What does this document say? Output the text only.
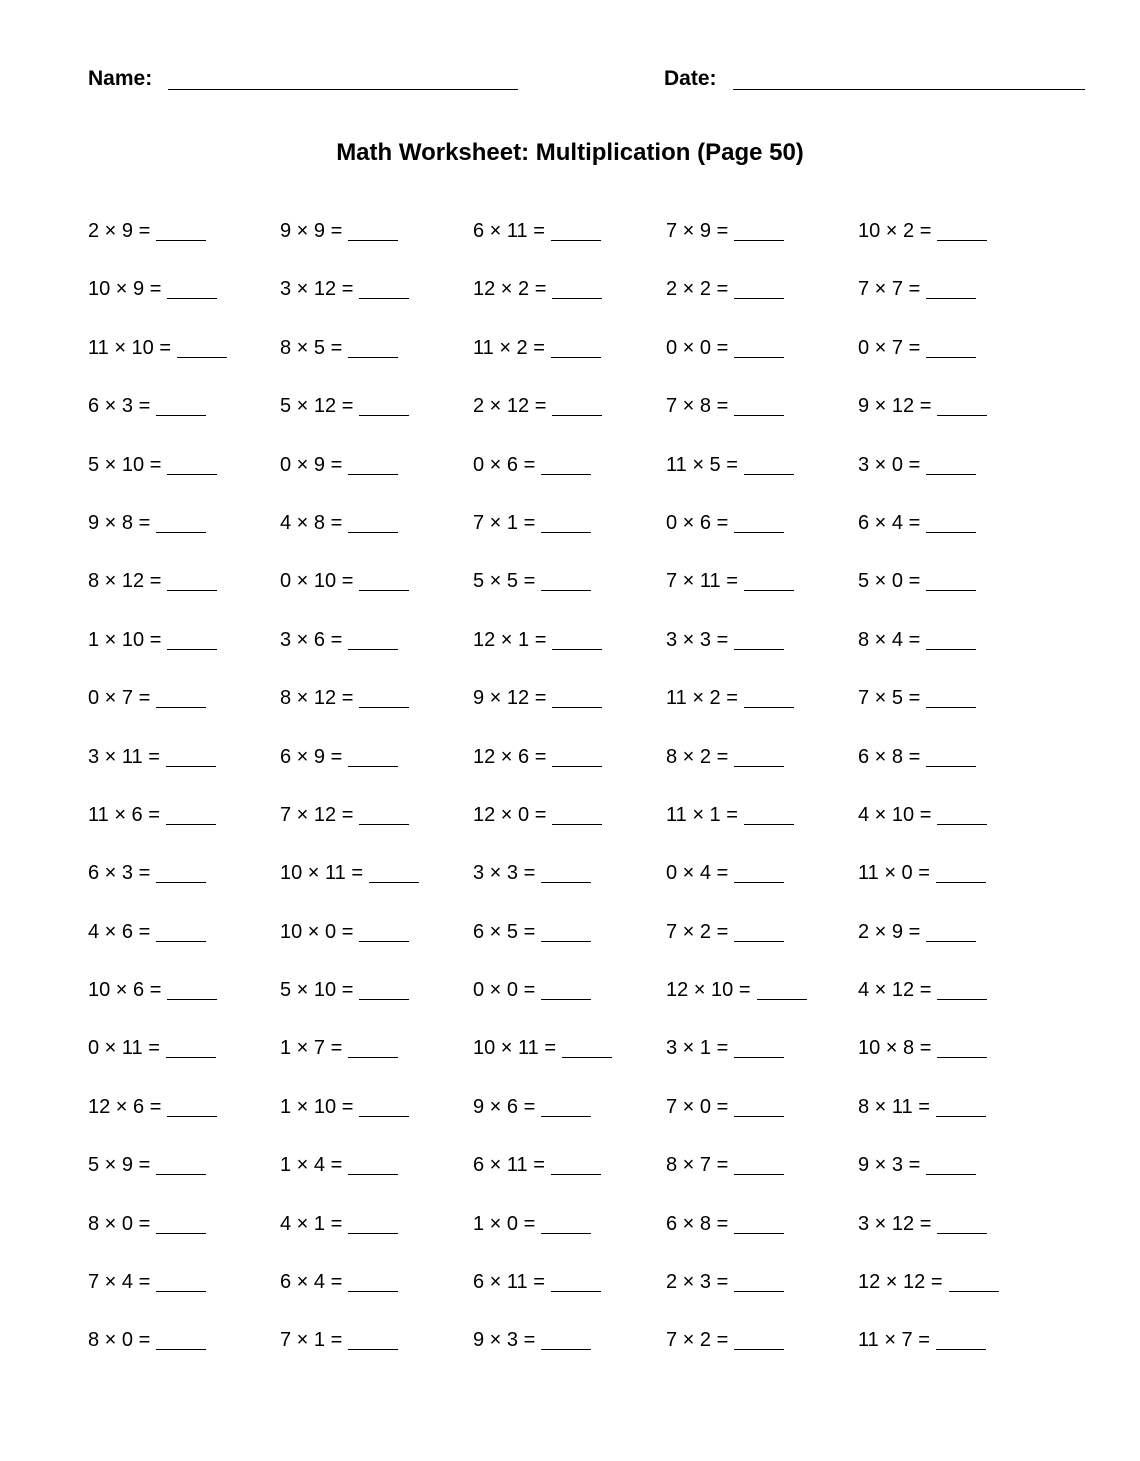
Name:	Date:
Math Worksheet: Multiplication (Page 50)
2 × 9 =	9 × 9 =	6 × 11 =	7 × 9 =	10 × 2 =
10 × 9 =	3 × 12 =	12 × 2 =	2 × 2 =	7 × 7 =
11 × 10 =	8 × 5 =	11 × 2 =	0 × 0 =	0 × 7 =
6 × 3 =	5 × 12 =	2 × 12 =	7 × 8 =	9 × 12 =
5 × 10 =	0 × 9 =	0 × 6 =	11 × 5 =	3 × 0 =
9 × 8 =	4 × 8 =	7 × 1 =	0 × 6 =	6 × 4 =
8 × 12 =	0 × 10 =	5 × 5 =	7 × 11 =	5 × 0 =
1 × 10 =	3 × 6 =	12 × 1 =	3 × 3 =	8 × 4 =
0 × 7 =	8 × 12 =	9 × 12 =	11 × 2 =	7 × 5 =
3 × 11 =	6 × 9 =	12 × 6 =	8 × 2 =	6 × 8 =
11 × 6 =	7 × 12 =	12 × 0 =	11 × 1 =	4 × 10 =
6 × 3 =	10 × 11 =	3 × 3 =	0 × 4 =	11 × 0 =
4 × 6 =	10 × 0 =	6 × 5 =	7 × 2 =	2 × 9 =
10 × 6 =	5 × 10 =	0 × 0 =	12 × 10 =	4 × 12 =
0 × 11 =	1 × 7 =	10 × 11 =	3 × 1 =	10 × 8 =
12 × 6 =	1 × 10 =	9 × 6 =	7 × 0 =	8 × 11 =
5 × 9 =	1 × 4 =	6 × 11 =	8 × 7 =	9 × 3 =
8 × 0 =	4 × 1 =	1 × 0 =	6 × 8 =	3 × 12 =
7 × 4 =	6 × 4 =	6 × 11 =	2 × 3 =	12 × 12 =
8 × 0 =	7 × 1 =	9 × 3 =	7 × 2 =	11 × 7 =
